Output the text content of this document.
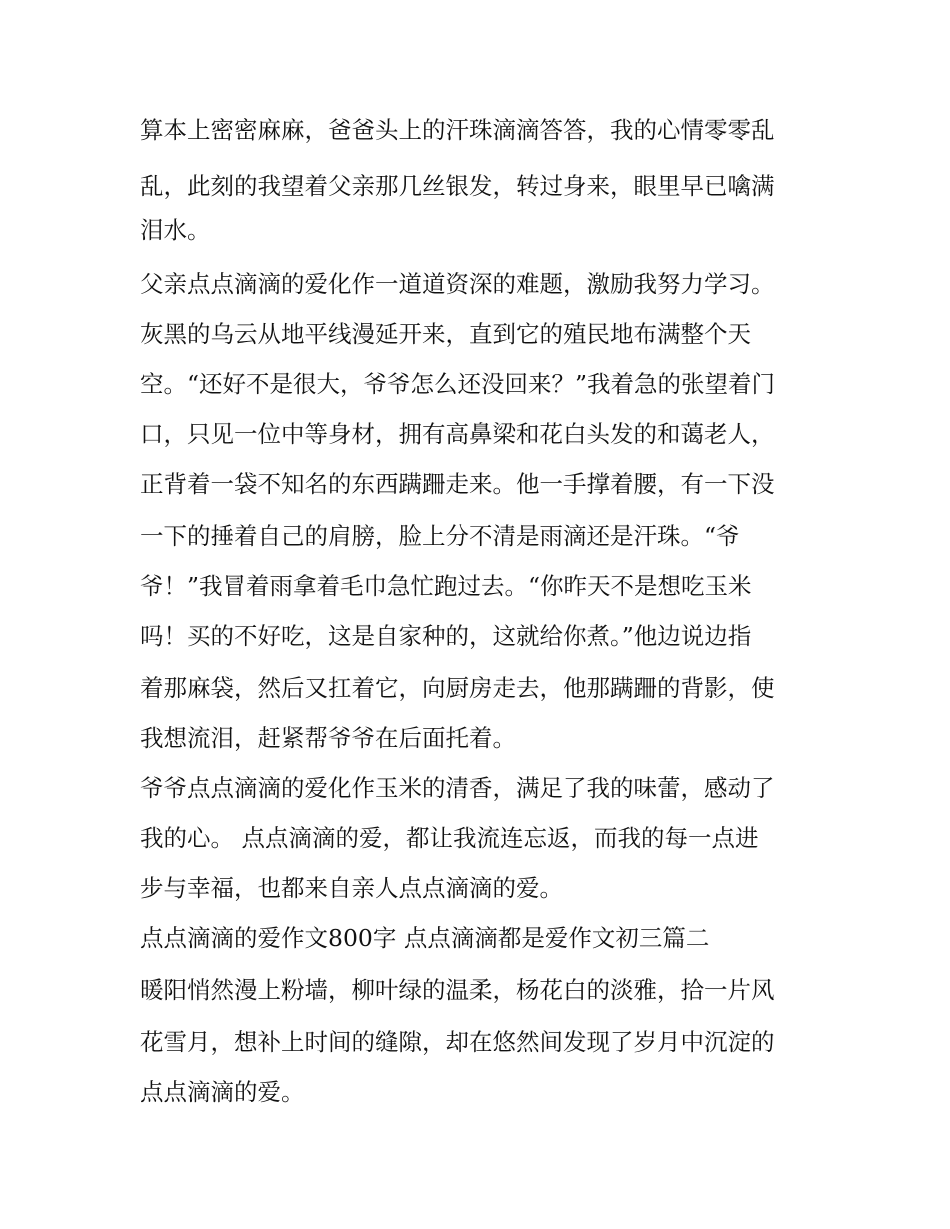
算本上密密麻麻，爸爸头上的汗珠滴滴答答，我的心情零零乱
乱，此刻的我望着父亲那几丝银发，转过身来，眼里早已噙满
泪水。
父亲点点滴滴的爱化作一道道资深的难题，激励我努力学习。
灰黑的乌云从地平线漫延开来，直到它的殖民地布满整个天
空。“还好不是很大，爷爷怎么还没回来？”我着急的张望着门
口，只见一位中等身材，拥有高鼻梁和花白头发的和蔼老人，
正背着一袋不知名的东西蹒跚走来。他一手撑着腰，有一下没
一下的捶着自己的肩膀，脸上分不清是雨滴还是汗珠。“爷
爷！”我冒着雨拿着毛巾急忙跑过去。“你昨天不是想吃玉米
吗！买的不好吃，这是自家种的，这就给你煮。”他边说边指
着那麻袋，然后又扛着它，向厨房走去，他那蹒跚的背影，使
我想流泪，赶紧帮爷爷在后面托着。
爷爷点点滴滴的爱化作玉米的清香，满足了我的味蕾，感动了
我的心。 点点滴滴的爱，都让我流连忘返，而我的每一点进
步与幸福，也都来自亲人点点滴滴的爱。
点点滴滴的爱作文800字 点点滴滴都是爱作文初三篇二
暖阳悄然漫上粉墙，柳叶绿的温柔，杨花白的淡雅，拾一片风
花雪月，想补上时间的缝隙，却在悠然间发现了岁月中沉淀的
点点滴滴的爱。
